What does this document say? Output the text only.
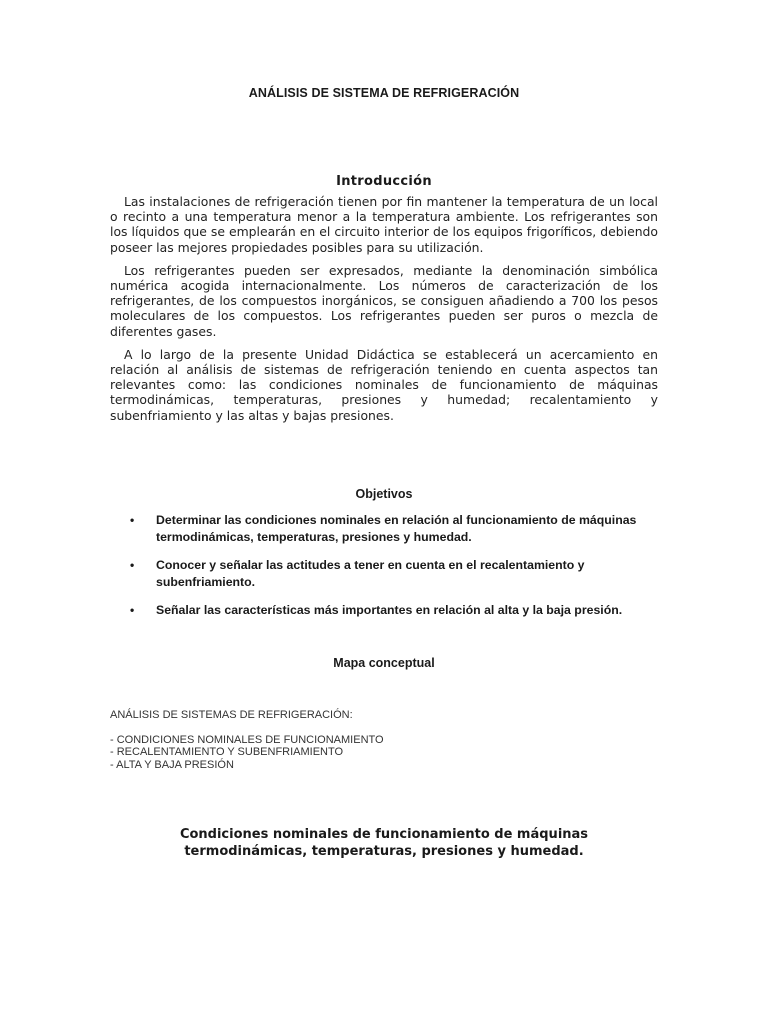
ANÁLISIS DE SISTEMA DE REFRIGERACIÓN
Introducción

Las instalaciones de refrigeración tienen por fin mantener la temperatura de un local o recinto a una temperatura menor a la temperatura ambiente. Los refrigerantes son los líquidos que se emplearán en el circuito interior de los equipos frigoríficos, debiendo poseer las mejores propiedades posibles para su utilización.

Los refrigerantes pueden ser expresados, mediante la denominación simbólica numérica acogida internacionalmente. Los números de caracterización de los refrigerantes, de los compuestos inorgánicos, se consiguen añadiendo a 700 los pesos moleculares de los compuestos. Los refrigerantes pueden ser puros o mezcla de diferentes gases.

A lo largo de la presente Unidad Didáctica se establecerá un acercamiento en relación al análisis de sistemas de refrigeración teniendo en cuenta aspectos tan relevantes como: las condiciones nominales de funcionamiento de máquinas termodinámicas, temperaturas, presiones y humedad; recalentamiento y subenfriamiento y las altas y bajas presiones.

Objetivos
• Determinar las condiciones nominales en relación al funcionamiento de máquinas termodinámicas, temperaturas, presiones y humedad.
• Conocer y señalar las actitudes a tener en cuenta en el recalentamiento y subenfriamiento.
• Señalar las características más importantes en relación al alta y la baja presión.
Mapa conceptual
ANÁLISIS DE SISTEMAS DE REFRIGERACIÓN:
- CONDICIONES NOMINALES DE FUNCIONAMIENTO
- RECALENTAMIENTO Y SUBENFRIAMIENTO
- ALTA Y BAJA PRESIÓN
Condiciones nominales de funcionamiento de máquinas
termodinámicas, temperaturas, presiones y humedad.
